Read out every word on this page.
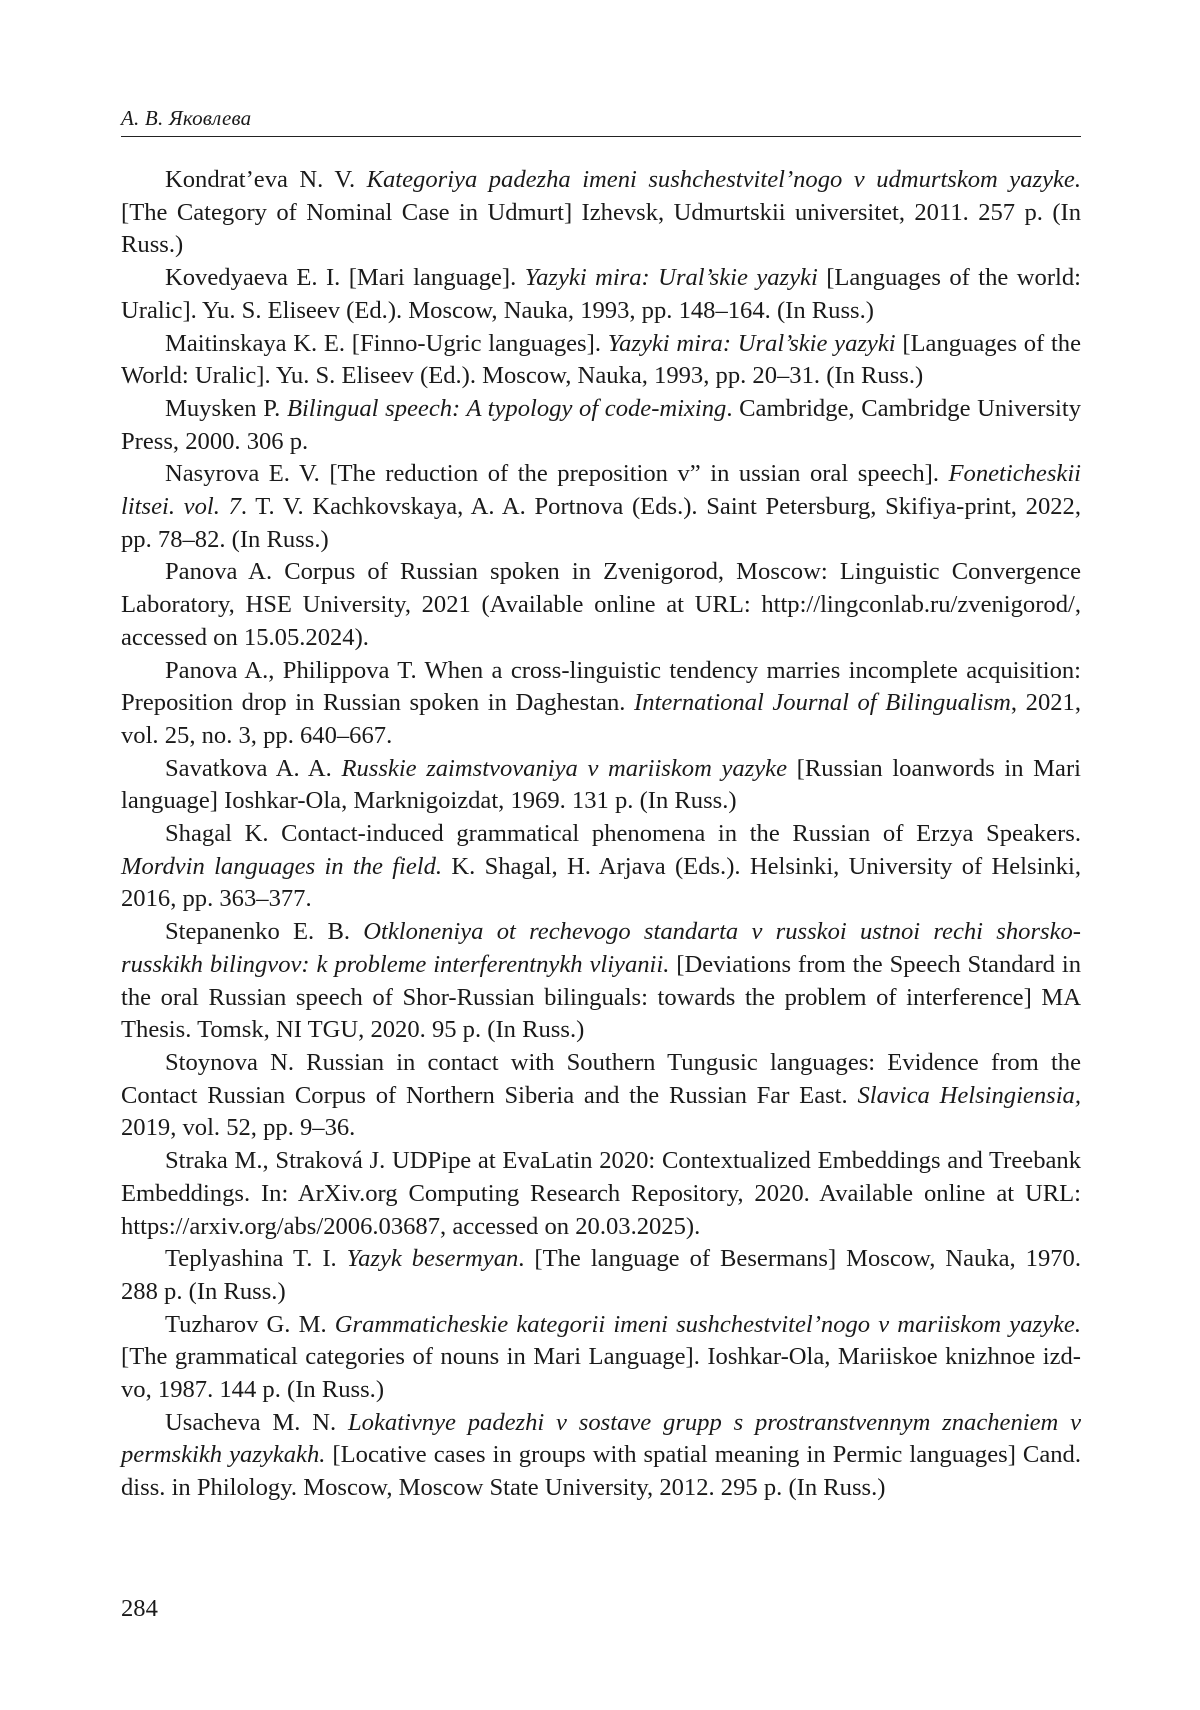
А. В. Яковлева

Kondrat’eva N. V. Kategoriya padezha imeni sushchestvitel’nogo v udmurtskom yazyke. [The Category of Nominal Case in Udmurt] Izhevsk, Udmurtskii universitet, 2011. 257 p. (In Russ.)

Kovedyaeva E. I. [Mari language]. Yazyki mira: Ural’skie yazyki [Languages of the world: Uralic]. Yu. S. Eliseev (Ed.). Moscow, Nauka, 1993, pp. 148–164. (In Russ.)

Maitinskaya K. E. [Finno-Ugric languages]. Yazyki mira: Ural’skie yazyki [Languages of the World: Uralic]. Yu. S. Eliseev (Ed.). Moscow, Nauka, 1993, pp. 20–31. (In Russ.)

Muysken P. Bilingual speech: A typology of code-mixing. Cambridge, Cambridge University Press, 2000. 306 p.

Nasyrova E. V. [The reduction of the preposition v” in ussian oral speech]. Foneticheskii litsei. vol. 7. T. V. Kachkovskaya, A. A. Portnova (Eds.). Saint Petersburg, Skifiya-print, 2022, pp. 78–82. (In Russ.)

Panova A. Corpus of Russian spoken in Zvenigorod, Moscow: Linguistic Convergence Laboratory, HSE University, 2021 (Available online at URL: http://lingconlab.ru/​zvenigorod/, accessed on 15.05.2024).

Panova A., Philippova T. When a cross-linguistic tendency marries incomplete acquisition: Preposition drop in Russian spoken in Daghestan. International Journal of Bilingualism, 2021, vol. 25, no. 3, pp. 640–667.

Savatkova A. A. Russkie zaimstvovaniya v mariiskom yazyke [Russian loanwords in Mari language] Ioshkar-Ola, Marknigoizdat, 1969. 131 p. (In Russ.)

Shagal K. Contact-induced grammatical phenomena in the Russian of Erzya Speakers. Mordvin languages in the field. K. Shagal, H. Arjava (Eds.). Helsinki, University of Helsinki, 2016, pp. 363–377.

Stepanenko E. B. Otkloneniya ot rechevogo standarta v russkoi ustnoi rechi shorsko-russkikh bilingvov: k probleme interferentnykh vliyanii. [Deviations from the Speech Standard in the oral Russian speech of Shor-Russian bilinguals: towards the problem of interference] MA Thesis. Tomsk, NI TGU, 2020. 95 p. (In Russ.)

Stoynova N. Russian in contact with Southern Tungusic languages: Evidence from the Contact Russian Corpus of Northern Siberia and the Russian Far East. Slavica Helsingiensia, 2019, vol. 52, pp. 9–36.

Straka M., Straková J. UDPipe at EvaLatin 2020: Contextualized Embeddings and Treebank Embeddings. In: ArXiv.org Computing Research Repository, 2020. Available online at URL: https://arxiv.org/abs/2006.03687, accessed on 20.03.2025).

Teplyashina T. I. Yazyk besermyan. [The language of Besermans] Moscow, Nauka, 1970. 288 p. (In Russ.)

Tuzharov G. M. Grammaticheskie kategorii imeni sushchestvitel’nogo v mariiskom yazyke. [The grammatical categories of nouns in Mari Language]. Ioshkar-Ola, Mariiskoe knizhnoe izd-vo, 1987. 144 p. (In Russ.)

Usacheva M. N. Lokativnye padezhi v sostave grupp s prostranstvennym znacheniem v permskikh yazykakh. [Locative cases in groups with spatial meaning in Permic languages] Cand. diss. in Philology. Moscow, Moscow State University, 2012. 295 p. (In Russ.)

284
